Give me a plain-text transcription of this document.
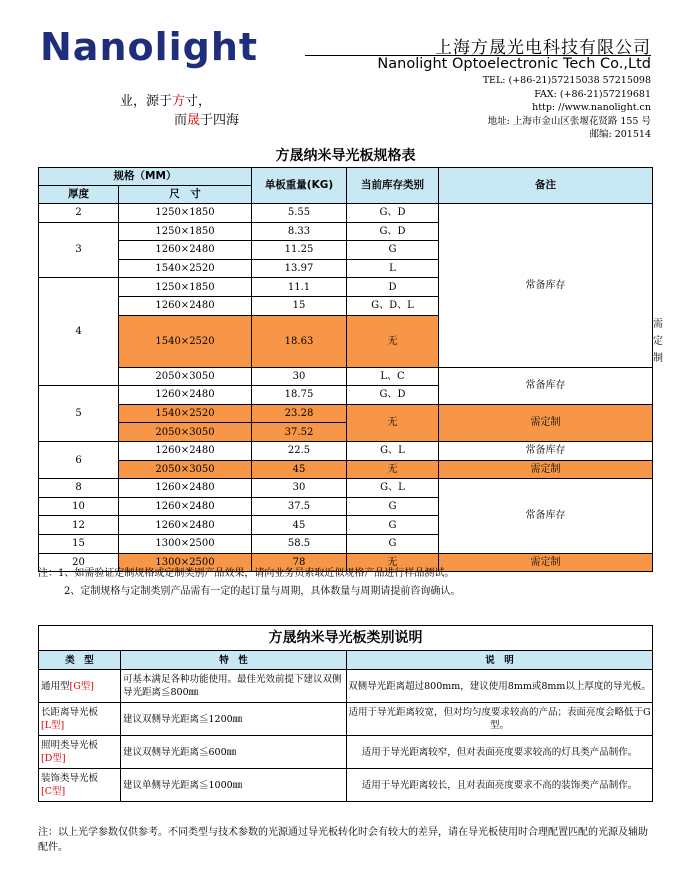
Nanolight	上海方晟光电科技有限公司
Nanolight Optoelectronic Tech Co.,Ltd
TEL: (+86-21)57215038 57215098
FAX: (+86-21)57219681
http: //www.nanolight.cn
地址: 上海市金山区张堰花贤路 155 号
邮编: 201514
业，源于方寸，
而晟于四海
方晟纳米导光板规格表					
规格（MM）		单板重量(KG)	当前库存类别	备注	
厚度	尺　寸				
2	1250×1850	5.55	G、D	常备库存	
3	1250×1850	8.33	G、D		
	1260×2480	11.25	G		
	1540×2520	13.97	L		
4	1250×1850	11.1	D		
	1260×2480	15	G、D、L		
	1540×2520	18.63	无		需定制
	2050×3050	30	L、C	常备库存	
5	1260×2480	18.75	G、D		
	1540×2520	23.28	无	需定制	
	2050×3050	37.52			
6	1260×2480	22.5	G、L	常备库存	
	2050×3050	45	无	需定制	
8	1260×2480	30	G、L	常备库存	
10	1260×2480	37.5	G		
12	1260×2480	45	G		
15	1300×2500	58.5	G		
20	1300×2500	78	无	需定制	
注：1、如需验证定制规格或定制类别产品效果，请向业务员索取近似规格产品进行样品测试。
2、定制规格与定制类别产品需有一定的起订量与周期，具体数量与周期请提前咨询确认。
方晟纳米导光板类别说明		
类　型	特　性	说　明
通用型[G型]	可基本满足各种功能使用。最佳光效前提下建议双侧导光距离≦800㎜	双侧导光距离超过800mm，建议使用8mm或8mm以上厚度的导光板。
长距离导光板
[L型]	建议双侧导光距离≦1200㎜	适用于导光距离较宽，但对均匀度要求较高的产品；表面亮度会略低于G型。
照明类导光板
[D型]	建议双侧导光距离≦600㎜	适用于导光距离较窄，但对表面亮度要求较高的灯具类产品制作。
装饰类导光板
[C型]	建议单侧导光距离≦1000㎜	适用于导光距离较长，且对表面亮度要求不高的装饰类产品制作。
注：以上光学参数仅供参考。不同类型与技术参数的光源通过导光板转化时会有较大的差异，请在导光板使用时合理配置匹配的光源及辅助配件。
